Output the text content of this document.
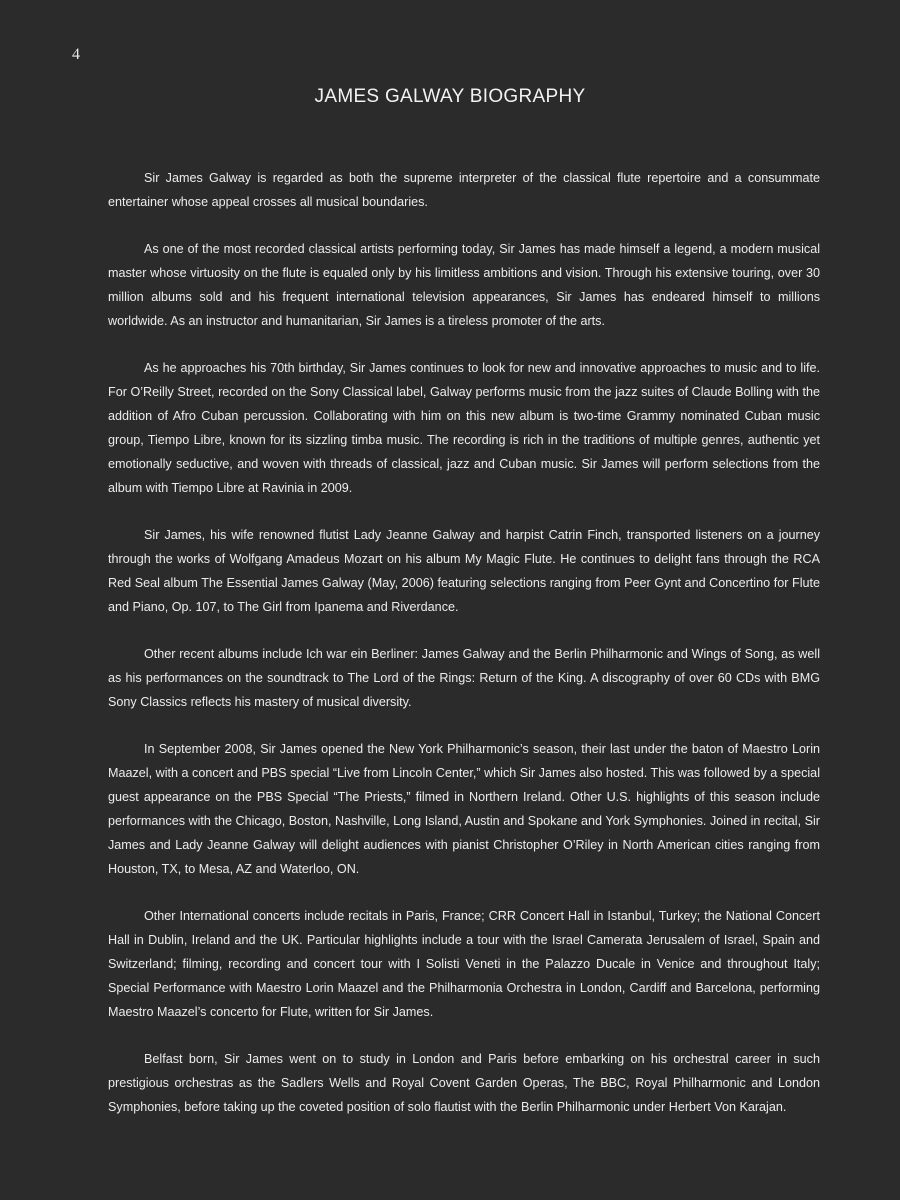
4
JAMES GALWAY BIOGRAPHY

Sir James Galway is regarded as both the supreme interpreter of the classical flute repertoire and a consummate entertainer whose appeal crosses all musical boundaries.

As one of the most recorded classical artists performing today, Sir James has made himself a legend, a modern musical master whose virtuosity on the flute is equaled only by his limitless ambitions and vision. Through his extensive touring, over 30 million albums sold and his frequent international television appearances, Sir James has endeared himself to millions worldwide. As an instructor and humanitarian, Sir James is a tireless promoter of the arts.

As he approaches his 70th birthday, Sir James continues to look for new and innovative approaches to music and to life. For O’Reilly Street, recorded on the Sony Classical label, Galway performs music from the jazz suites of Claude Bolling with the addition of Afro Cuban percussion. Collaborating with him on this new album is two-time Grammy nominated Cuban music group, Tiempo Libre, known for its sizzling timba music. The recording is rich in the traditions of multiple genres, authentic yet emotionally seductive, and woven with threads of classical, jazz and Cuban music. Sir James will perform selections from the album with Tiempo Libre at Ravinia in 2009.

Sir James, his wife renowned flutist Lady Jeanne Galway and harpist Catrin Finch, transported listeners on a journey through the works of Wolfgang Amadeus Mozart on his album My Magic Flute. He continues to delight fans through the RCA Red Seal album The Essential James Galway (May, 2006) featuring selections ranging from Peer Gynt and Concertino for Flute and Piano, Op. 107, to The Girl from Ipanema and Riverdance.

Other recent albums include Ich war ein Berliner: James Galway and the Berlin Philharmonic and Wings of Song, as well as his performances on the soundtrack to The Lord of the Rings: Return of the King. A discography of over 60 CDs with BMG Sony Classics reflects his mastery of musical diversity.

In September 2008, Sir James opened the New York Philharmonic’s season, their last under the baton of Maestro Lorin Maazel, with a concert and PBS special “Live from Lincoln Center,” which Sir James also hosted. This was followed by a special guest appearance on the PBS Special “The Priests,” filmed in Northern Ireland. Other U.S. highlights of this season include performances with the Chicago, Boston, Nashville, Long Island, Austin and Spokane and York Symphonies. Joined in recital, Sir James and Lady Jeanne Galway will delight audiences with pianist Christopher O’Riley in North American cities ranging from Houston, TX, to Mesa, AZ and Waterloo, ON.

Other International concerts include recitals in Paris, France; CRR Concert Hall in Istanbul, Turkey; the National Concert Hall in Dublin, Ireland and the UK. Particular highlights include a tour with the Israel Camerata Jerusalem of Israel, Spain and Switzerland; filming, recording and concert tour with I Solisti Veneti in the Palazzo Ducale in Venice and throughout Italy; Special Performance with Maestro Lorin Maazel and the Philharmonia Orchestra in London, Cardiff and Barcelona, performing Maestro Maazel’s concerto for Flute, written for Sir James.

Belfast born, Sir James went on to study in London and Paris before embarking on his orchestral career in such prestigious orchestras as the Sadlers Wells and Royal Covent Garden Operas, The BBC, Royal Philharmonic and London Symphonies, before taking up the coveted position of solo flautist with the Berlin Philharmonic under Herbert Von Karajan.
